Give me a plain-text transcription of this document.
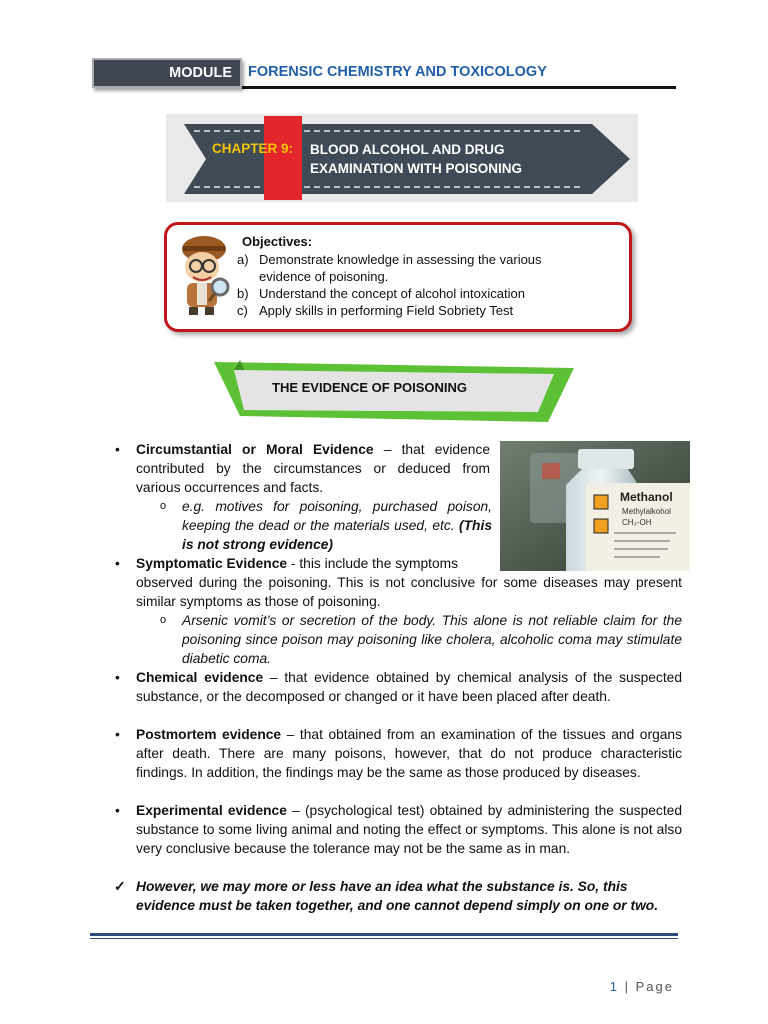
MODULE FORENSIC CHEMISTRY AND TOXICOLOGY
CHAPTER 9: BLOOD ALCOHOL AND DRUG
EXAMINATION WITH POISONING
Objectives:
a) Demonstrate knowledge in assessing the various
evidence of poisoning.
b) Understand the concept of alcohol intoxication
c) Apply skills in performing Field Sobriety Test
THE EVIDENCE OF POISONING
Methanol
Methylalkohol
CH₃-OH
• Circumstantial or Moral Evidence – that evidence contributed by the circumstances or deduced from various occurrences and facts.
o e.g. motives for poisoning, purchased poison, keeping the dead or the materials used, etc. (This is not strong evidence)
• Symptomatic Evidence - this include the symptoms
observed during the poisoning. This is not conclusive for some diseases may present similar symptoms as those of poisoning.
o Arsenic vomit’s or secretion of the body. This alone is not reliable claim for the poisoning since poison may poisoning like cholera, alcoholic coma may stimulate diabetic coma.
• Chemical evidence – that evidence obtained by chemical analysis of the suspected substance, or the decomposed or changed or it have been placed after death.
• Postmortem evidence – that obtained from an examination of the tissues and organs after death. There are many poisons, however, that do not produce characteristic findings. In addition, the findings may be the same as those produced by diseases.
• Experimental evidence – (psychological test) obtained by administering the suspected substance to some living animal and noting the effect or symptoms. This alone is not also very conclusive because the tolerance may not be the same as in man.
✓ However, we may more or less have an idea what the substance is. So, this evidence must be taken together, and one cannot depend simply on one or two.
1 | Page
